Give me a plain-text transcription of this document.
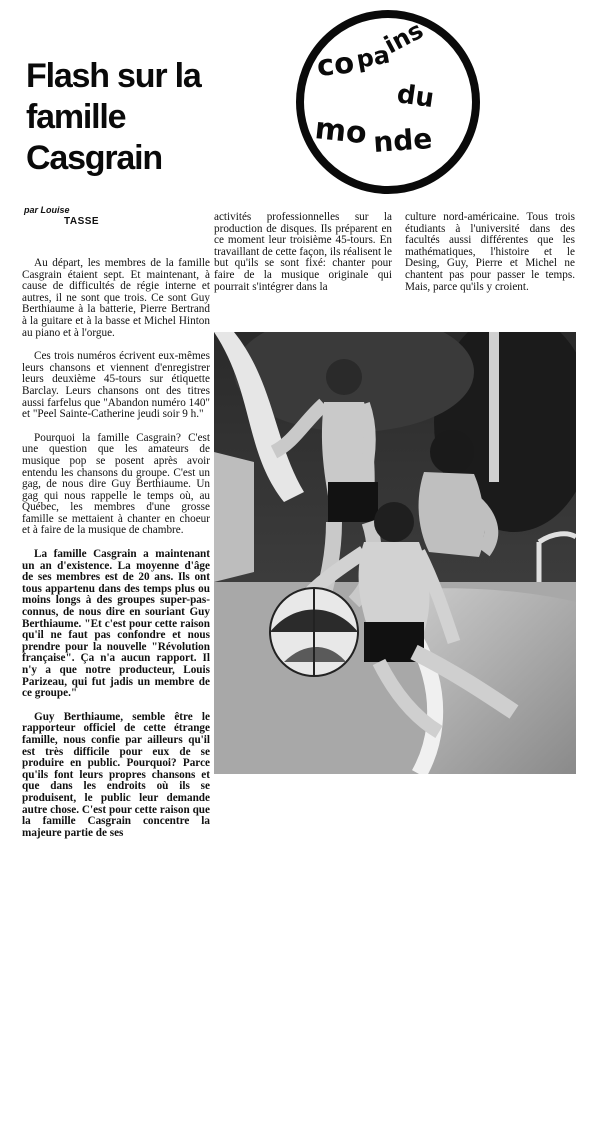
Flash sur la famille Casgrain
par Louise
TASSE
co
pa
ins
du
mo nde

Au départ, les membres de la famille Casgrain étaient sept. Et maintenant, à cause de difficultés de régie interne et autres, il ne sont que trois. Ce sont Guy Berthiaume à la batterie, Pierre Bertrand à la guitare et à la basse et Michel Hinton au piano et à l'orgue.

Ces trois numéros écrivent eux-mêmes leurs chansons et viennent d'enregistrer leurs deuxième 45-tours sur étiquette Barclay. Leurs chansons ont des titres aussi farfelus que "Abandon numéro 140" et "Peel Sainte-Catherine jeudi soir 9 h."

Pourquoi la famille Casgrain? C'est une question que les amateurs de musique pop se posent après avoir entendu les chansons du groupe. C'est un gag, de nous dire Guy Berthiaume. Un gag qui nous rappelle le temps où, au Québec, les membres d'une grosse famille se mettaient à chanter en choeur et à faire de la musique de chambre.

La famille Casgrain a maintenant un an d'existence. La moyenne d'âge de ses membres est de 20 ans. Ils ont tous appartenu dans des temps plus ou moins longs à des groupes super-pas-connus, de nous dire en souriant Guy Berthiaume. "Et c'est pour cette raison qu'il ne faut pas confondre et nous prendre pour la nouvelle "Révolution française". Ça n'a aucun rapport. Il n'y a que notre producteur, Louis Parizeau, qui fut jadis un membre de ce groupe."

Guy Berthiaume, semble être le rapporteur officiel de cette étrange famille, nous confie par ailleurs qu'il est très difficile pour eux de se produire en public. Pourquoi? Parce qu'ils font leurs propres chansons et que dans les endroits où ils se produisent, le public leur demande autre chose. C'est pour cette raison que la famille Casgrain concentre la majeure partie de ses

activités professionnelles sur la production de disques. Ils préparent en ce moment leur troisième 45-tours. En travaillant de cette façon, ils réalisent le but qu'ils se sont fixé: chanter pour faire de la musique originale qui pourrait s'intégrer dans la

culture nord-américaine. Tous trois étudiants à l'université dans des facultés aussi différentes que les mathématiques, l'histoire et le Desing, Guy, Pierre et Michel ne chantent pas pour passer le temps. Mais, parce qu'ils y croient.
